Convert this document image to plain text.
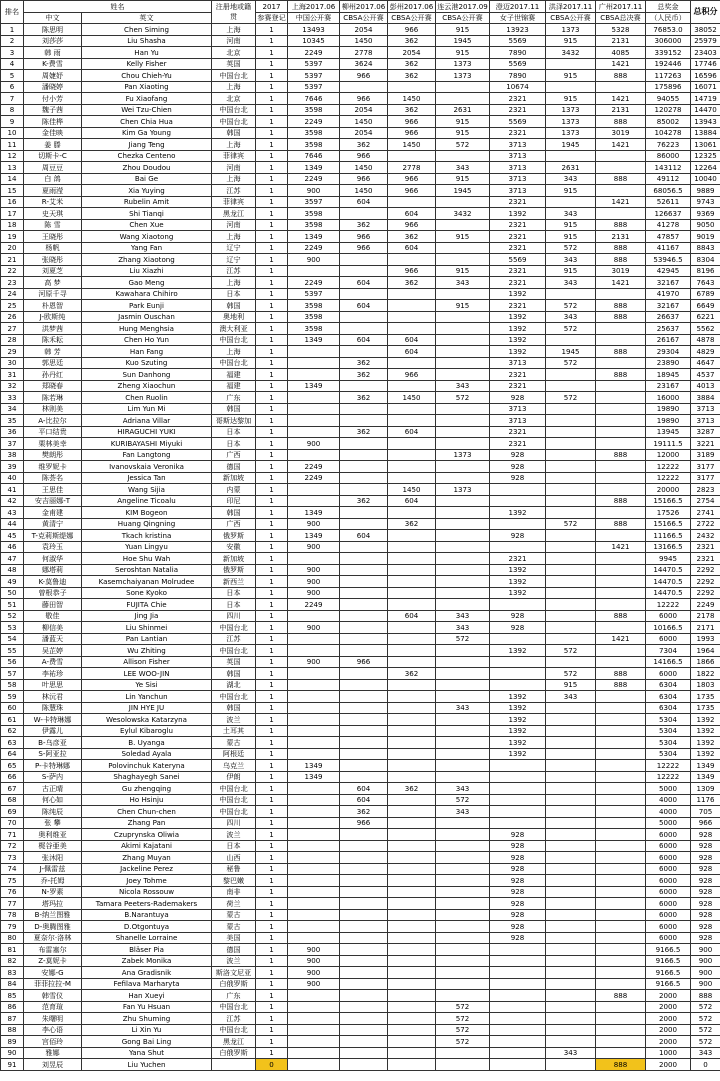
排名	姓名		注册地或籍贯	2017	上海2017.06	柳州2017.06	彭州2017.06	连云港2017.09	澄迈2017.11	洪泽2017.11	广州2017.11	总奖金	总积分
	中文	英文		参赛登记	中国公开赛	CBSA公开赛	CBSA公开赛	CBSA公开赛	女子世锦赛	CBSA公开赛	CBSA总决赛	（人民币）	
1	陈思明	Chen Siming	上海	1	13493	2054	966	915	13923	1373	5328	76853.0	38052
2	刘莎莎	Liu Shasha	河南	1	10345	1450	362	1945	5569	915	2131	306000	25979
3	韩 雨	Han Yu	北京	1	2249	2778	2054	915	7890	3432	4085	339152	23403
4	K-费雪	Kelly Fisher	英国	1	5397	3624	362	1373	5569		1421	192446	17746
5	周婕妤	Chou Chieh-Yu	中国台北	1	5397	966	362	1373	7890	915	888	117263	16596
6	潘晓婷	Pan Xiaoting	上海	1	5397				10674			175896	16071
7	付小芳	Fu Xiaofang	北京	1	7646	966	1450		2321	915	1421	94055	14719
8	魏子茜	Wei Tzu-Chien	中国台北	1	3598	2054	362	2631	2321	1373	2131	120278	14470
9	陈佳桦	Chen Chia Hua	中国台北	1	2249	1450	966	915	5569	1373	888	85002	13943
10	金佳映	Kim Ga Young	韩国	1	3598	2054	966	915	2321	1373	3019	104278	13884
11	姜 滕	Jiang Teng	上海	1	3598	362	1450	572	3713	1945	1421	76223	13061
12	切斯卡-C	Chezka Centeno	菲律宾	1	7646	966			3713			86000	12325
13	周豆豆	Zhou Doudou	河南	1	1349	1450	2778	343	3713	2631		143112	12264
14	白 鸽	Bai Ge	上海	1	2249	966	966	915	3713	343	888	49112	10040
15	夏雨滢	Xia Yuying	江苏	1	900	1450	966	1945	3713	915		68056.5	9889
16	R-艾米	Rubelin Amit	菲律宾	1	3597	604			2321		1421	52611	9743
17	史天琪	Shi Tianqi	黑龙江	1	3598		604	3432	1392	343		126637	9369
18	陈 雪	Chen Xue	河南	1	3598	362	966		2321	915	888	41278	9050
19	王晓彤	Wang Xiaotong	上海	1	1349	966	362	915	2321	915	2131	47857	9019
20	杨帆	Yang Fan	辽宁	1	2249	966	604		2321	572	888	41167	8843
21	张晓彤	Zhang Xiaotong	辽宁	1	900				5569	343	888	53946.5	8304
22	刘夏芝	Liu Xiazhi	江苏	1			966	915	2321	915	3019	42945	8196
23	高 梦	Gao Meng	上海	1	2249	604	362	343	2321	343	1421	32167	7643
24	河原千寻	Kawahara Chihiro	日本	1	5397				1392			41970	6789
25	朴恩智	Park Eunji	韩国	1	3598	604		915	2321	572	888	32167	6649
26	J-欧斯纯	Jasmin Ouschan	奥地利	1	3598				1392	343	888	26637	6221
27	洪梦茜	Hung Menghsia	澳大利亚	1	3598				1392	572		25637	5562
28	陈禾耘	Chen Ho Yun	中国台北	1	1349	604	604		1392			26167	4878
29	韩 芳	Han Fang	上海	1			604		1392	1945	888	29304	4829
30	郭思廷	Kuo Szuting	中国台北	1		362			3713	572		23890	4647
31	孙丹红	Sun Danhong	福建	1		362	966		2321		888	18945	4537
32	郑晓春	Zheng Xiaochun	福建	1	1349			343	2321			23167	4013
33	陈若琳	Chen Ruolin	广东	1		362	1450	572	928	572		16000	3884
34	林则美	Lim Yun Mi	韩国	1					3713			19890	3713
35	A-比拉尔	Adriana Villar	哥斯达黎加	1					3713			19890	3713
36	平口结贵	HIRAGUCHI YUKI	日本	1		362	604		2321			13945	3287
37	栗林美幸	KURIBAYASHI Miyuki	日本	1	900				2321			19111.5	3221
38	樊朗彤	Fan Langtong	广西	1				1373	928		888	12000	3189
39	维罗妮卡	Ivanovskaia Veronika	德国	1	2249				928			12222	3177
40	陈荟名	Jessica Tan	新加坡	1	2249				928			12222	3177
41	王思佳	Wang Sijia	内蒙	1			1450	1373				20000	2823
42	安吉丽娜-T	Angeline Ticoalu	印尼	1		362	604				888	15166.5	2754
43	金甫建	KIM Bogeon	韩国	1	1349				1392			17526	2741
44	黄清宁	Huang Qingning	广西	1	900		362			572	888	15166.5	2722
45	T-克莉斯缇娜	Tkach kristina	俄罗斯	1	1349	604			928			11166.5	2432
46	袁玲玉	Yuan Lingyu	安徽	1	900						1421	13166.5	2321
47	何淑华	Hoe Shu Wah	新加坡	1					2321			9945	2321
48	娜塔莉	Seroshtan Natalia	俄罗斯	1	900				1392			14470.5	2292
49	K-莫鲁迪	Kasemchaiyanan Molrudee	新西兰	1	900				1392			14470.5	2292
50	曾根恭子	Sone Kyoko	日本	1	900				1392			14470.5	2292
51	藤田智	FUJITA Chie	日本	1	2249							12222	2249
52	敬佳	Jing Jia	四川	1			604	343	928		888	6000	2178
53	柳信美	Liu Shinmei	中国台北	1	900			343	928			10166.5	2171
54	潘蓝天	Pan Lantian	江苏	1				572			1421	6000	1993
55	吴芷婷	Wu Zhiting	中国台北	1					1392	572		7304	1964
56	A-费雪	Allison Fisher	英国	1	900	966						14166.5	1866
57	李祐珍	LEE WOO-JIN	韩国	1			362			572	888	6000	1822
58	叶思思	Ye Sisi	湖北	1						915	888	6304	1803
59	林沅君	Lin Yanchun	中国台北	1					1392	343		6304	1735
60	陈慧珠	JIN HYE JU	韩国	1				343	1392			6304	1735
61	W-卡特琳娜	Wesolowska Katarzyna	波兰	1					1392			5304	1392
62	伊露儿	Eylul Kibaroglu	土耳其	1					1392			5304	1392
63	B-乌彦亚	B. Uyanga	蒙古	1					1392			5304	1392
64	S-阿亚拉	Soledad Ayala	阿根廷	1					1392			5304	1392
65	P-卡特琳娜	Polovinchuk Kateryna	乌克兰	1	1349							12222	1349
66	S-萨内	Shaghayegh Sanei	伊朗	1	1349							12222	1349
67	古正晴	Gu zhengqing	中国台北	1		604	362	343				5000	1309
68	何心如	Ho Hsinju	中国台北	1		604		572				4000	1176
69	陈纯辰	Chen Chun-chen	中国台北	1		362		343				4000	705
70	张 攀	Zhang Pan	四川	1		966						5000	966
71	奥利维亚	Czuprynska Oliwia	波兰	1					928			6000	928
72	梶谷亜美	Akimi Kajatani	日本	1					928			6000	928
73	张沐阳	Zhang Muyan	山西	1					928			6000	928
74	J-佩雷兹	Jackeline Perez	秘鲁	1					928			6000	928
75	乔-托姆	Joey Tohme	黎巴嫩	1					928			6000	928
76	N-罗素	Nicola Rossouw	南非	1					928			6000	928
77	塔玛拉	Tamara Peeters-Rademakers	荷兰	1					928			6000	928
78	B-纳兰图雅	B.Narantuya	蒙古	1					928			6000	928
79	D-奥腾图雅	D.Otgontuya	蒙古	1					928			6000	928
80	夏奈尔·洛林	Shanelle Lorraine	美国	1					928			6000	928
81	布雷塞尔	Bläser Pia	德国	1	900							9166.5	900
82	Z-莫妮卡	Zabek Monika	波兰	1	900							9166.5	900
83	安娜-G	Ana Gradisnik	斯洛文尼亚	1	900							9166.5	900
84	菲菲拉拉-M	Fefilava Marharyta	白俄罗斯	1	900							9166.5	900
85	韩雪仪	Han Xueyi	广东	1							888	2000	888
86	范育瑄	Fan Yu Hsuan	中国台北	1				572				2000	572
87	朱曙明	Zhu Shuming	江苏	1				572				2000	572
88	李心语	Li Xin Yu	中国台北	1				572				2000	572
89	宫佰玲	Gong Bai Ling	黑龙江	1				572				2000	572
90	雅娜	Yana Shut	白俄罗斯	1						343		1000	343
91	刘昱辰	Liu Yuchen		0							888	2000	0
